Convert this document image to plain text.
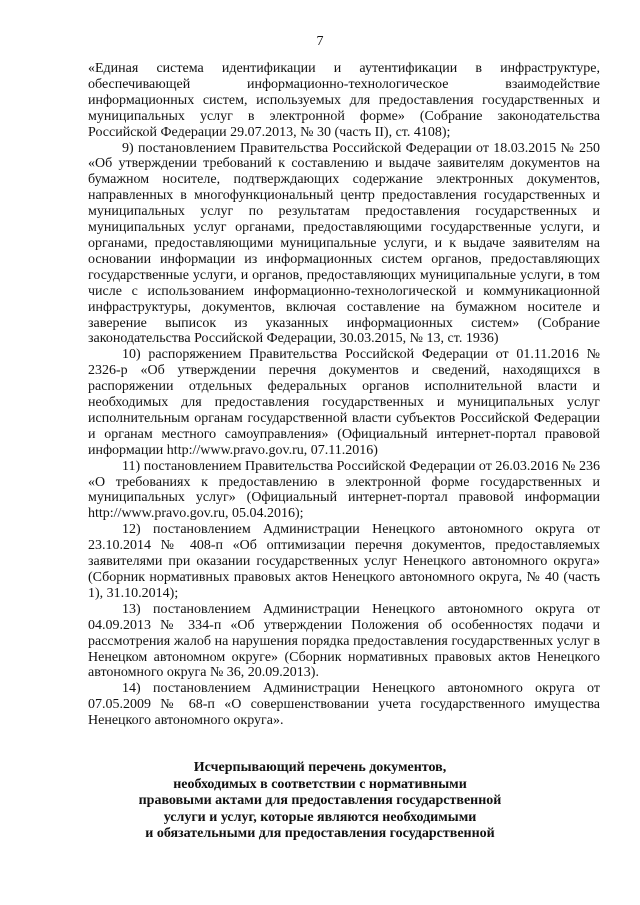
7

«Единая система идентификации и аутентификации в инфраструктуре, обеспечивающей информационно-технологическое взаимодействие информационных систем, используемых для предоставления государственных и муниципальных услуг в электронной форме» (Собрание законодательства Российской Федерации 29.07.2013, № 30 (часть II), ст. 4108);

9) постановлением Правительства Российской Федерации от 18.03.2015 № 250 «Об утверждении требований к составлению и выдаче заявителям документов на бумажном носителе, подтверждающих содержание электронных документов, направленных в многофункциональный центр предоставления государственных и муниципальных услуг по результатам предоставления государственных и муниципальных услуг органами, предоставляющими государственные услуги, и органами, предоставляющими муниципальные услуги, и к выдаче заявителям на основании информации из информационных систем органов, предоставляющих государственные услуги, и органов, предоставляющих муниципальные услуги, в том числе с использованием информационно-технологической и коммуникационной инфраструктуры, документов, включая составление на бумажном носителе и заверение выписок из указанных информационных систем» (Собрание законодательства Российской Федерации, 30.03.2015, № 13, ст. 1936)

10) распоряжением Правительства Российской Федерации от 01.11.2016 № 2326-р «Об утверждении перечня документов и сведений, находящихся в распоряжении отдельных федеральных органов исполнительной власти и необходимых для предоставления государственных и муниципальных услуг исполнительным органам государственной власти субъектов Российской Федерации и органам местного самоуправления» (Официальный интернет-портал правовой информации http://www.pravo.gov.ru, 07.11.2016)

11) постановлением Правительства Российской Федерации от 26.03.2016 № 236 «О требованиях к предоставлению в электронной форме государственных и муниципальных услуг» (Официальный интернет-портал правовой информации http://www.pravo.gov.ru, 05.04.2016);

12) постановлением Администрации Ненецкого автономного округа от 23.10.2014 № 408-п «Об оптимизации перечня документов, предоставляемых заявителями при оказании государственных услуг Ненецкого автономного округа» (Сборник нормативных правовых актов Ненецкого автономного округа, № 40 (часть 1), 31.10.2014);

13) постановлением Администрации Ненецкого автономного округа от 04.09.2013 № 334-п «Об утверждении Положения об особенностях подачи и рассмотрения жалоб на нарушения порядка предоставления государственных услуг в Ненецком автономном округе» (Сборник нормативных правовых актов Ненецкого автономного округа № 36, 20.09.2013).

14) постановлением Администрации Ненецкого автономного округа от 07.05.2009 № 68-п «О совершенствовании учета государственного имущества Ненецкого автономного округа».

Исчерпывающий перечень документов,
необходимых в соответствии с нормативными
правовыми актами для предоставления государственной
услуги и услуг, которые являются необходимыми
и обязательными для предоставления государственной
